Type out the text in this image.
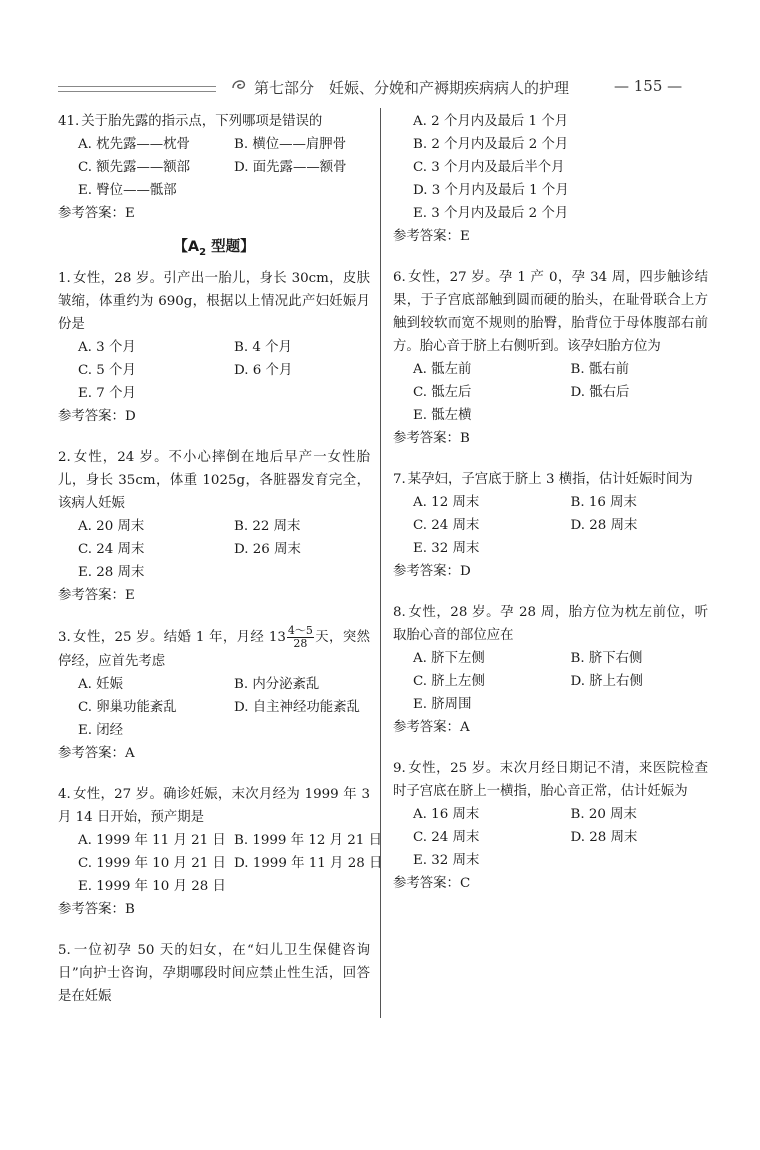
第七部分　妊娠、分娩和产褥期疾病病人的护理	— 155 —
41. 关于胎先露的指示点，下列哪项是错误的
A. 枕先露——枕骨	B. 横位——肩胛骨 C. 额先露——额部	D. 面先露——额骨
E. 臀位——骶部
参考答案：E
【$A_2$ 型题】
1. 女性，28 岁。引产出一胎儿，身长 30cm，皮肤皱缩，体重约为 690g，根据以上情况此产妇妊娠月份是
A. 3 个月	B. 4 个月 C. 5 个月	D. 6 个月
E. 7 个月
参考答案：D
2. 女性，24 岁。不小心摔倒在地后早产一女性胎儿，身长 35cm，体重 1025g，各脏器发育完全，该病人妊娠
A. 20 周末	B. 22 周末 C. 24 周末	D. 26 周末
E. 28 周末
参考答案：E
3. 女性，25 岁。结婚 1 年，月经 $13 \frac{4\sim 5}{28}$ 天，突然停经，应首先考虑
A. 妊娠	B. 内分泌紊乱 C. 卵巢功能紊乱	D. 自主神经功能紊乱
E. 闭经
参考答案：A
4. 女性，27 岁。确诊妊娠，末次月经为 1999 年 3 月 14 日开始，预产期是
A. 1999 年 11 月 21 日 B. 1999 年 12 月 21 日 C. 1999 年 10 月 21 日 D. 1999 年 11 月 28 日
E. 1999 年 10 月 28 日
参考答案：B
5. 一位初孕 50 天的妇女，在“妇儿卫生保健咨询日”向护士咨询，孕期哪段时间应禁止性生活，回答是在妊娠
A. 2 个月内及最后 1 个月
B. 2 个月内及最后 2 个月
C. 3 个月内及最后半个月
D. 3 个月内及最后 1 个月
E. 3 个月内及最后 2 个月
参考答案：E
6. 女性，27 岁。孕 1 产 0，孕 34 周，四步触诊结果，于子宫底部触到圆而硬的胎头，在耻骨联合上方触到较软而宽不规则的胎臀，胎背位于母体腹部右前方。胎心音于脐上右侧听到。该孕妇胎方位为
A. 骶左前	B. 骶右前 C. 骶左后	D. 骶右后
E. 骶左横
参考答案：B
7. 某孕妇，子宫底于脐上 3 横指，估计妊娠时间为
A. 12 周末	B. 16 周末 C. 24 周末	D. 28 周末
E. 32 周末
参考答案：D
8. 女性，28 岁。孕 28 周，胎方位为枕左前位，听取胎心音的部位应在
A. 脐下左侧	B. 脐下右侧 C. 脐上左侧	D. 脐上右侧
E. 脐周围
参考答案：A
9. 女性，25 岁。末次月经日期记不清，来医院检查时子宫底在脐上一横指，胎心音正常，估计妊娠为
A. 16 周末	B. 20 周末 C. 24 周末	D. 28 周末
E. 32 周末
参考答案：C
